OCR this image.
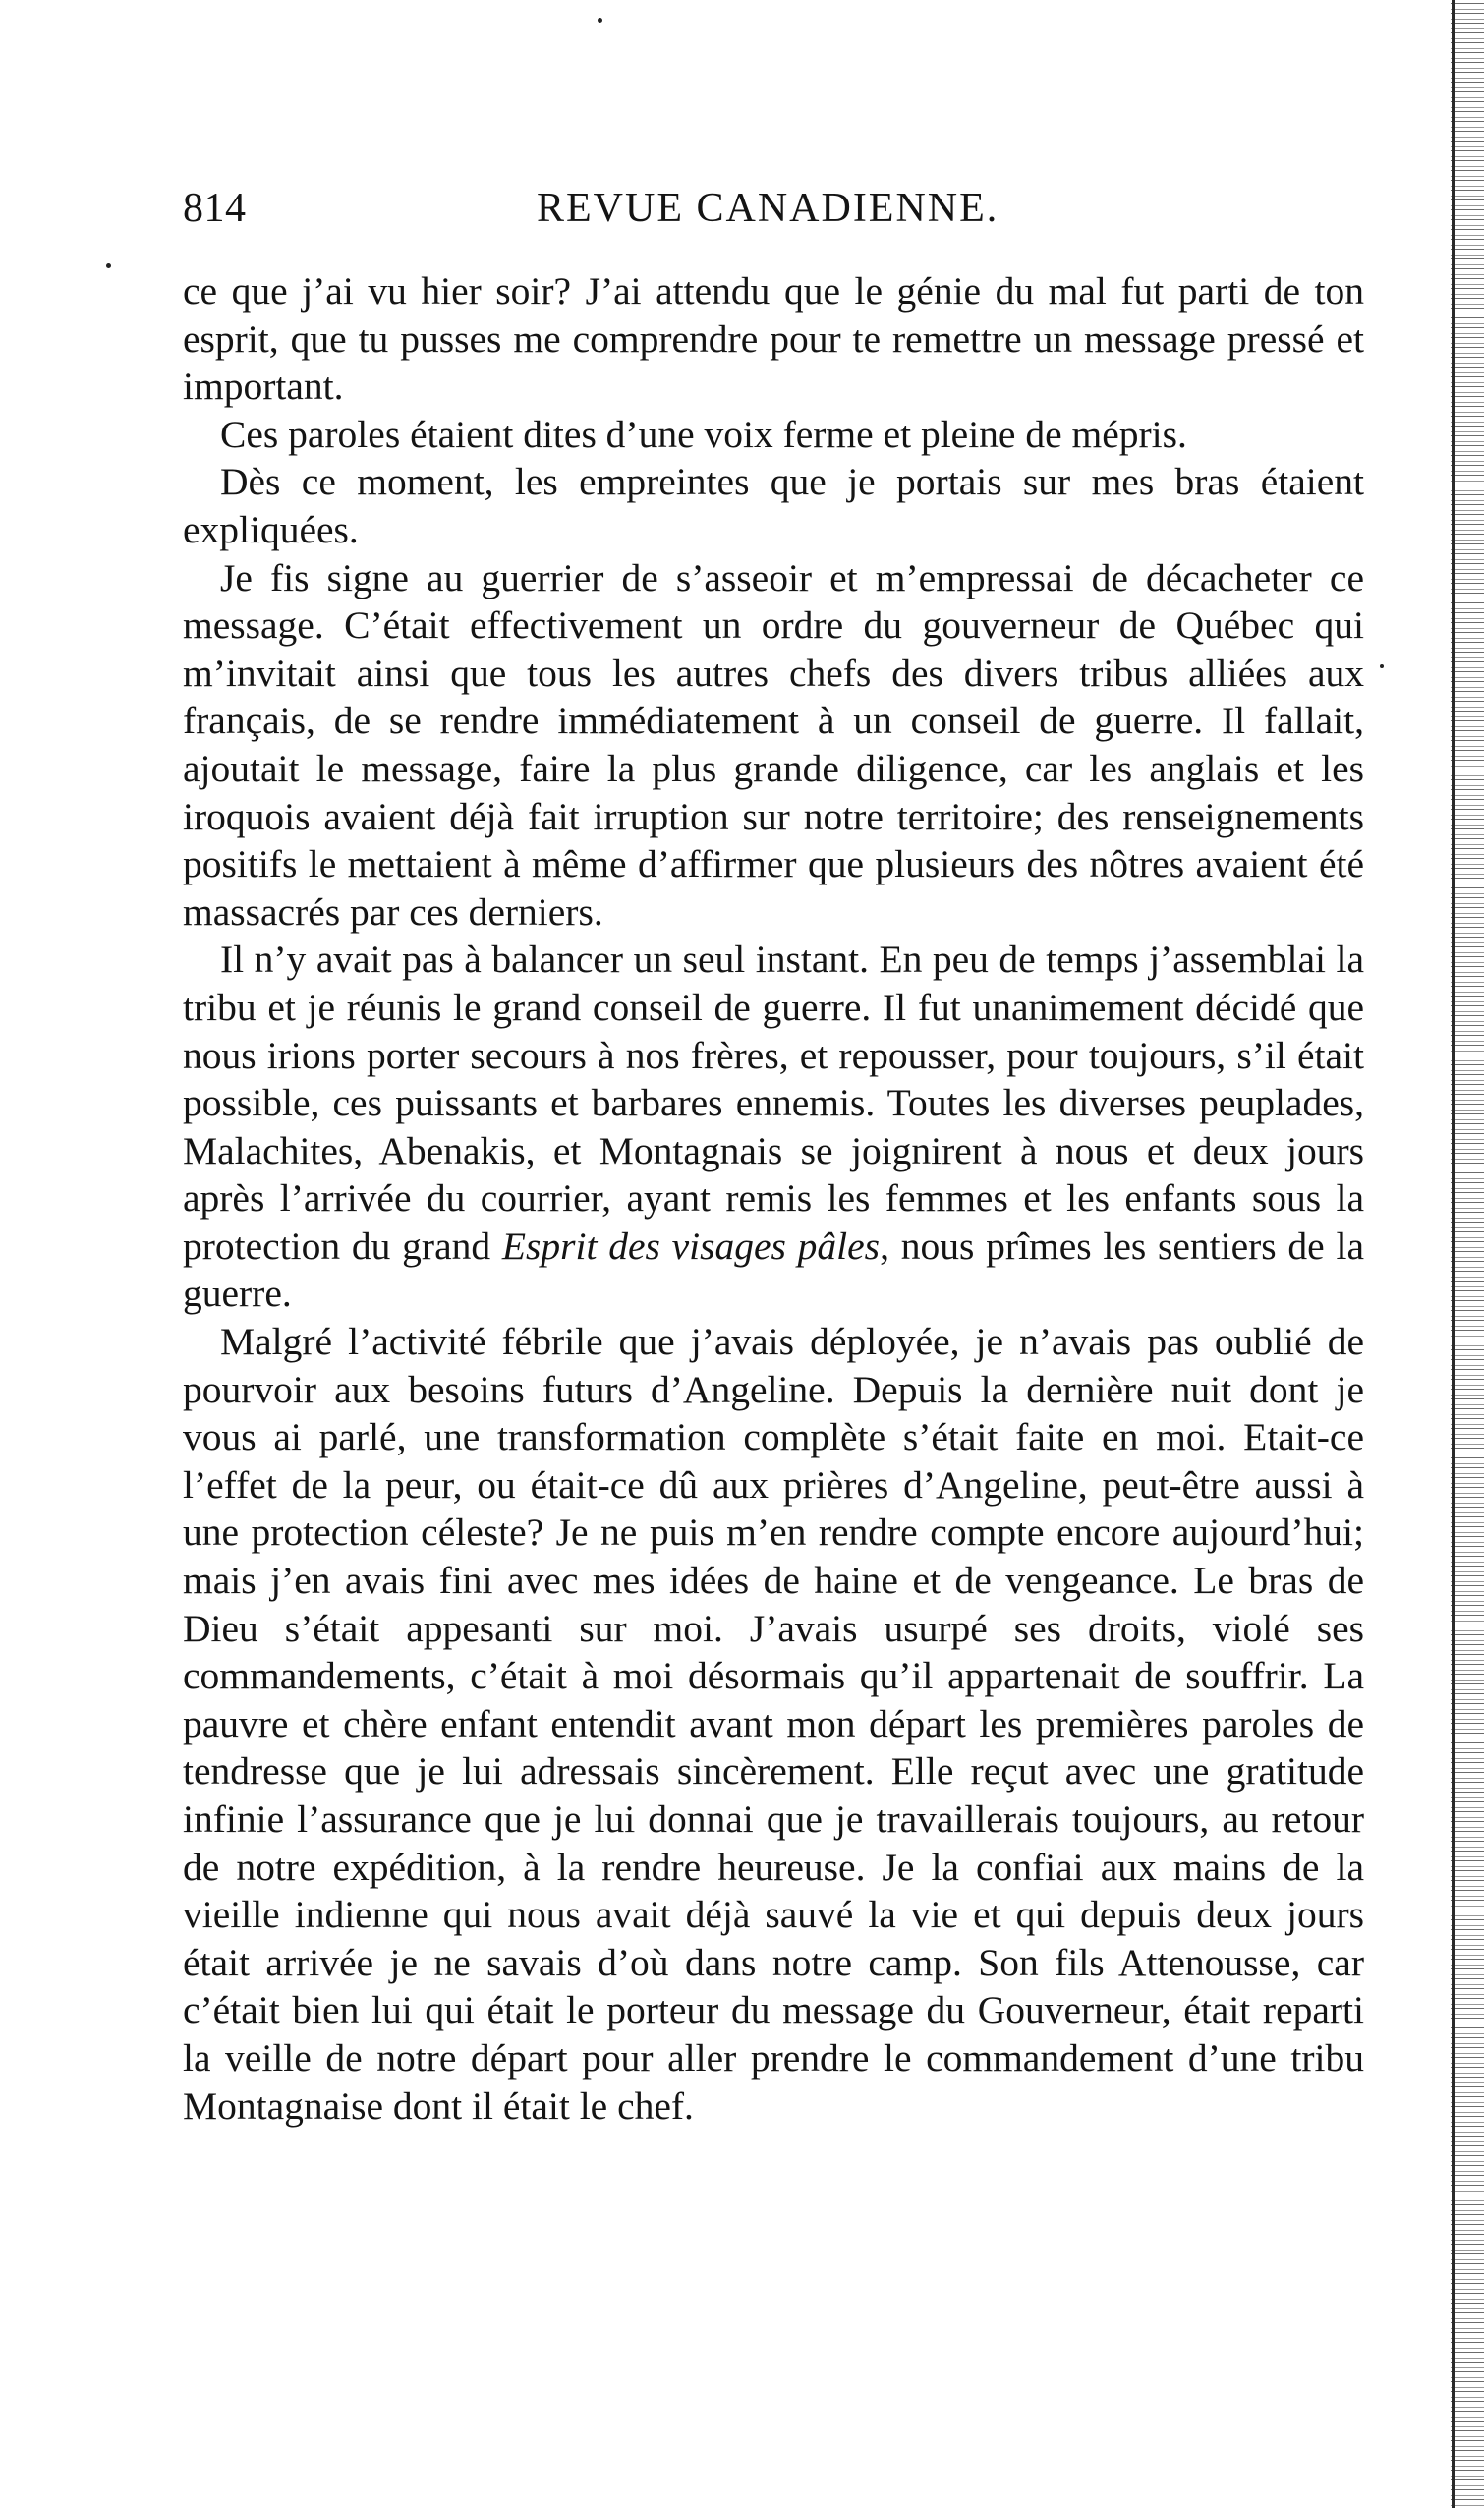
814	REVUE CANADIENNE.

ce que j’ai vu hier soir? J’ai attendu que le génie du mal fut parti de ton esprit, que tu pusses me comprendre pour te remettre un message pressé et important.

Ces paroles étaient dites d’une voix ferme et pleine de mépris.

Dès ce moment, les empreintes que je portais sur mes bras étaient expliquées.

Je fis signe au guerrier de s’asseoir et m’empressai de décacheter ce message. C’était effectivement un ordre du gouverneur de Québec qui m’invitait ainsi que tous les autres chefs des divers tribus alliées aux français, de se rendre immédiatement à un conseil de guerre. Il fallait, ajoutait le message, faire la plus grande diligence, car les anglais et les iroquois avaient déjà fait irruption sur notre territoire; des renseignements positifs le mettaient à même d’affirmer que plusieurs des nôtres avaient été massacrés par ces derniers.

Il n’y avait pas à balancer un seul instant. En peu de temps j’assemblai la tribu et je réunis le grand conseil de guerre. Il fut unanimement décidé que nous irions porter secours à nos frères, et repousser, pour toujours, s’il était possible, ces puissants et barbares ennemis. Toutes les diverses peuplades, Malachites, Abenakis, et Montagnais se joignirent à nous et deux jours après l’arrivée du courrier, ayant remis les femmes et les enfants sous la protection du grand Esprit des visages pâles, nous prîmes les sentiers de la guerre.

Malgré l’activité fébrile que j’avais déployée, je n’avais pas oublié de pourvoir aux besoins futurs d’Angeline. Depuis la dernière nuit dont je vous ai parlé, une transformation complète s’était faite en moi. Etait-ce l’effet de la peur, ou était-ce dû aux prières d’Angeline, peut-être aussi à une protection céleste? Je ne puis m’en rendre compte encore aujourd’hui; mais j’en avais fini avec mes idées de haine et de vengeance. Le bras de Dieu s’était appesanti sur moi. J’avais usurpé ses droits, violé ses commandements, c’était à moi désormais qu’il appartenait de souffrir. La pauvre et chère enfant entendit avant mon départ les premières paroles de tendresse que je lui adressais sincèrement. Elle reçut avec une gratitude infinie l’assurance que je lui donnai que je travaillerais toujours, au retour de notre expédition, à la rendre heureuse. Je la confiai aux mains de la vieille indienne qui nous avait déjà sauvé la vie et qui depuis deux jours était arrivée je ne savais d’où dans notre camp. Son fils Attenousse, car c’était bien lui qui était le porteur du message du Gouverneur, était reparti la veille de notre départ pour aller prendre le commandement d’une tribu Montagnaise dont il était le chef.
